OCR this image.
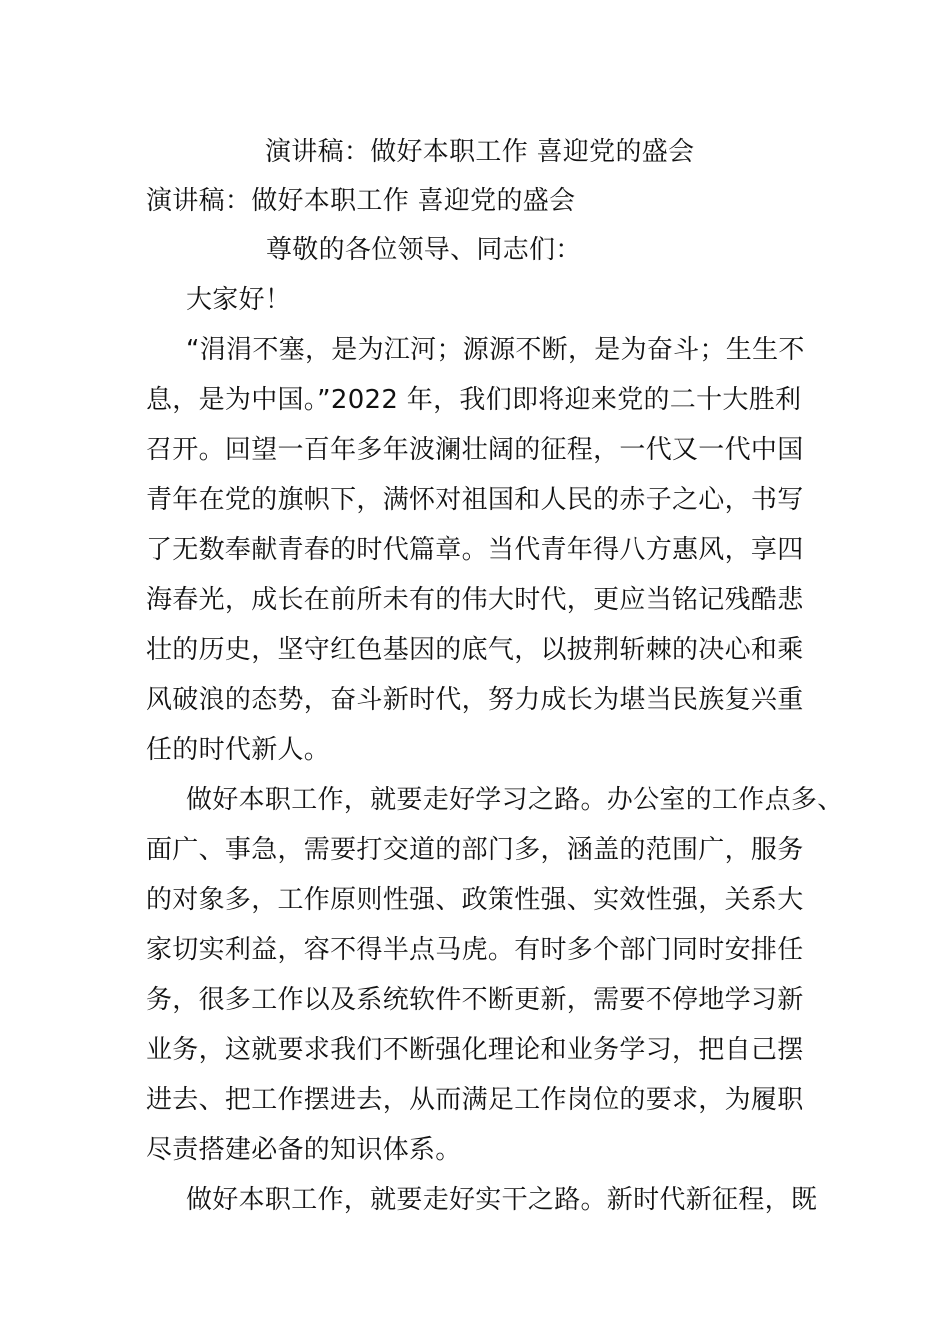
演讲稿：做好本职工作 喜迎党的盛会
演讲稿：做好本职工作 喜迎党的盛会
尊敬的各位领导、同志们：
大家好！
“涓涓不塞，是为江河；源源不断，是为奋斗；生生不
息，是为中国。”2022 年，我们即将迎来党的二十大胜利
召开。回望一百年多年波澜壮阔的征程，一代又一代中国
青年在党的旗帜下，满怀对祖国和人民的赤子之心，书写
了无数奉献青春的时代篇章。当代青年得八方惠风，享四
海春光，成长在前所未有的伟大时代，更应当铭记残酷悲
壮的历史，坚守红色基因的底气，以披荆斩棘的决心和乘
风破浪的态势，奋斗新时代，努力成长为堪当民族复兴重
任的时代新人。
做好本职工作，就要走好学习之路。办公室的工作点多、
面广、事急，需要打交道的部门多，涵盖的范围广，服务
的对象多，工作原则性强、政策性强、实效性强，关系大
家切实利益，容不得半点马虎。有时多个部门同时安排任
务，很多工作以及系统软件不断更新，需要不停地学习新
业务，这就要求我们不断强化理论和业务学习，把自己摆
进去、把工作摆进去，从而满足工作岗位的要求，为履职
尽责搭建必备的知识体系。
做好本职工作，就要走好实干之路。新时代新征程，既
